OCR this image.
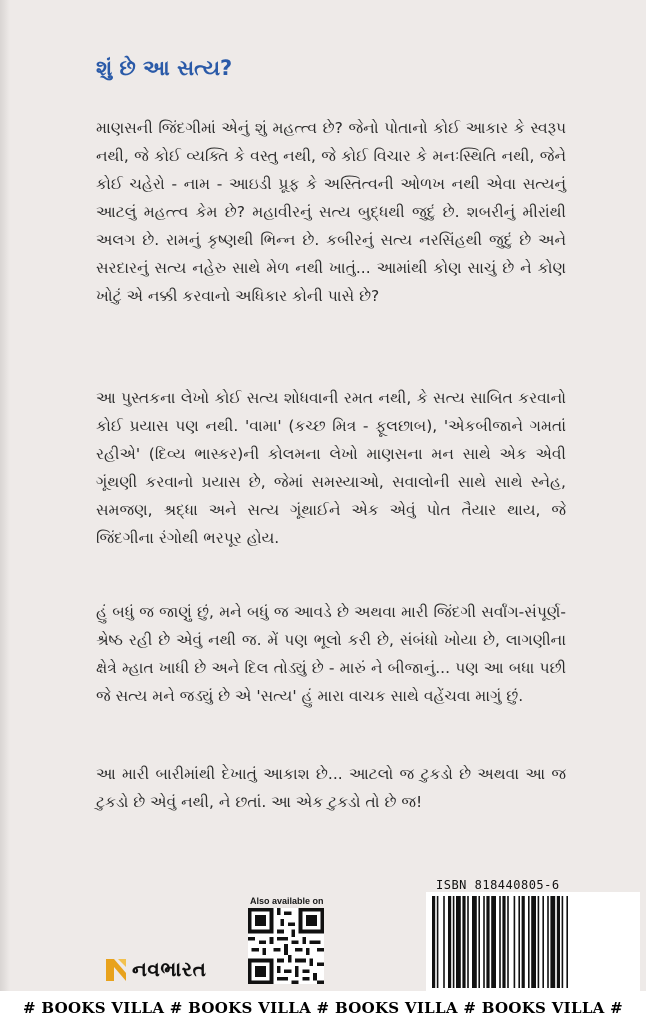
શું છે આ સત્ય?

માણસની જિંદગીમાં એનું શું મહત્ત્વ છે? જેનો પોતાનો કોઈ આકાર કે સ્વરૂપ નથી, જે કોઈ વ્યક્તિ કે વસ્તુ નથી, જે કોઈ વિચાર કે મનઃસ્થિતિ નથી, જેને કોઈ ચહેરો - નામ - આઇડી પ્રૂફ કે અસ્તિત્વની ઓળખ નથી એવા સત્યનું આટલું મહત્ત્વ કેમ છે? મહાવીરનું સત્ય બુદ્ધથી જુદું છે. શબરીનું મીરાંથી અલગ છે. રામનું કૃષ્ણથી ભિન્ન છે. કબીરનું સત્ય નરસિંહથી જુદું છે અને સરદારનું સત્ય નહેરુ સાથે મેળ નથી ખાતું... આમાંથી કોણ સાચું છે ને કોણ ખોટું એ નક્કી કરવાનો અધિકાર કોની પાસે છે?

આ પુસ્તકના લેખો કોઈ સત્ય શોધવાની રમત નથી, કે સત્ય સાબિત કરવાનો કોઈ પ્રયાસ પણ નથી. 'વામા' (કચ્છ મિત્ર - ફૂલછાબ), 'એકબીજાને ગમતાં રહીએ' (દિવ્ય ભાસ્કર)ની કોલમના લેખો માણસના મન સાથે એક એવી ગૂંથણી કરવાનો પ્રયાસ છે, જેમાં સમસ્યાઓ, સવાલોની સાથે સાથે સ્નેહ, સમજણ, શ્રદ્ધા અને સત્ય ગૂંથાઈને એક એવું પોત તૈયાર થાય, જે જિંદગીના રંગોથી ભરપૂર હોય.

હું બધું જ જાણું છું, મને બધું જ આવડે છે અથવા મારી જિંદગી સર્વાંગ-સંપૂર્ણ-શ્રેષ્ઠ રહી છે એવું નથી જ. મેં પણ ભૂલો કરી છે, સંબંધો ખોયા છે, લાગણીના ક્ષેત્રે મ્હાત ખાધી છે અને દિલ તોડ્યું છે - મારું ને બીજાનું... પણ આ બધા પછી જે સત્ય મને જડ્યું છે એ 'સત્ય' હું મારા વાચક સાથે વહેંચવા માગું છું.

આ મારી બારીમાંથી દેખાતું આકાશ છે... આટલો જ ટુકડો છે અથવા આ જ ટુકડો છે એવું નથી, ને છતાં. આ એક ટુકડો તો છે જ!

નવભારત
Also available on
ISBN 818440805-6
# BOOKS VILLA # BOOKS VILLA # BOOKS VILLA # BOOKS VILLA #
